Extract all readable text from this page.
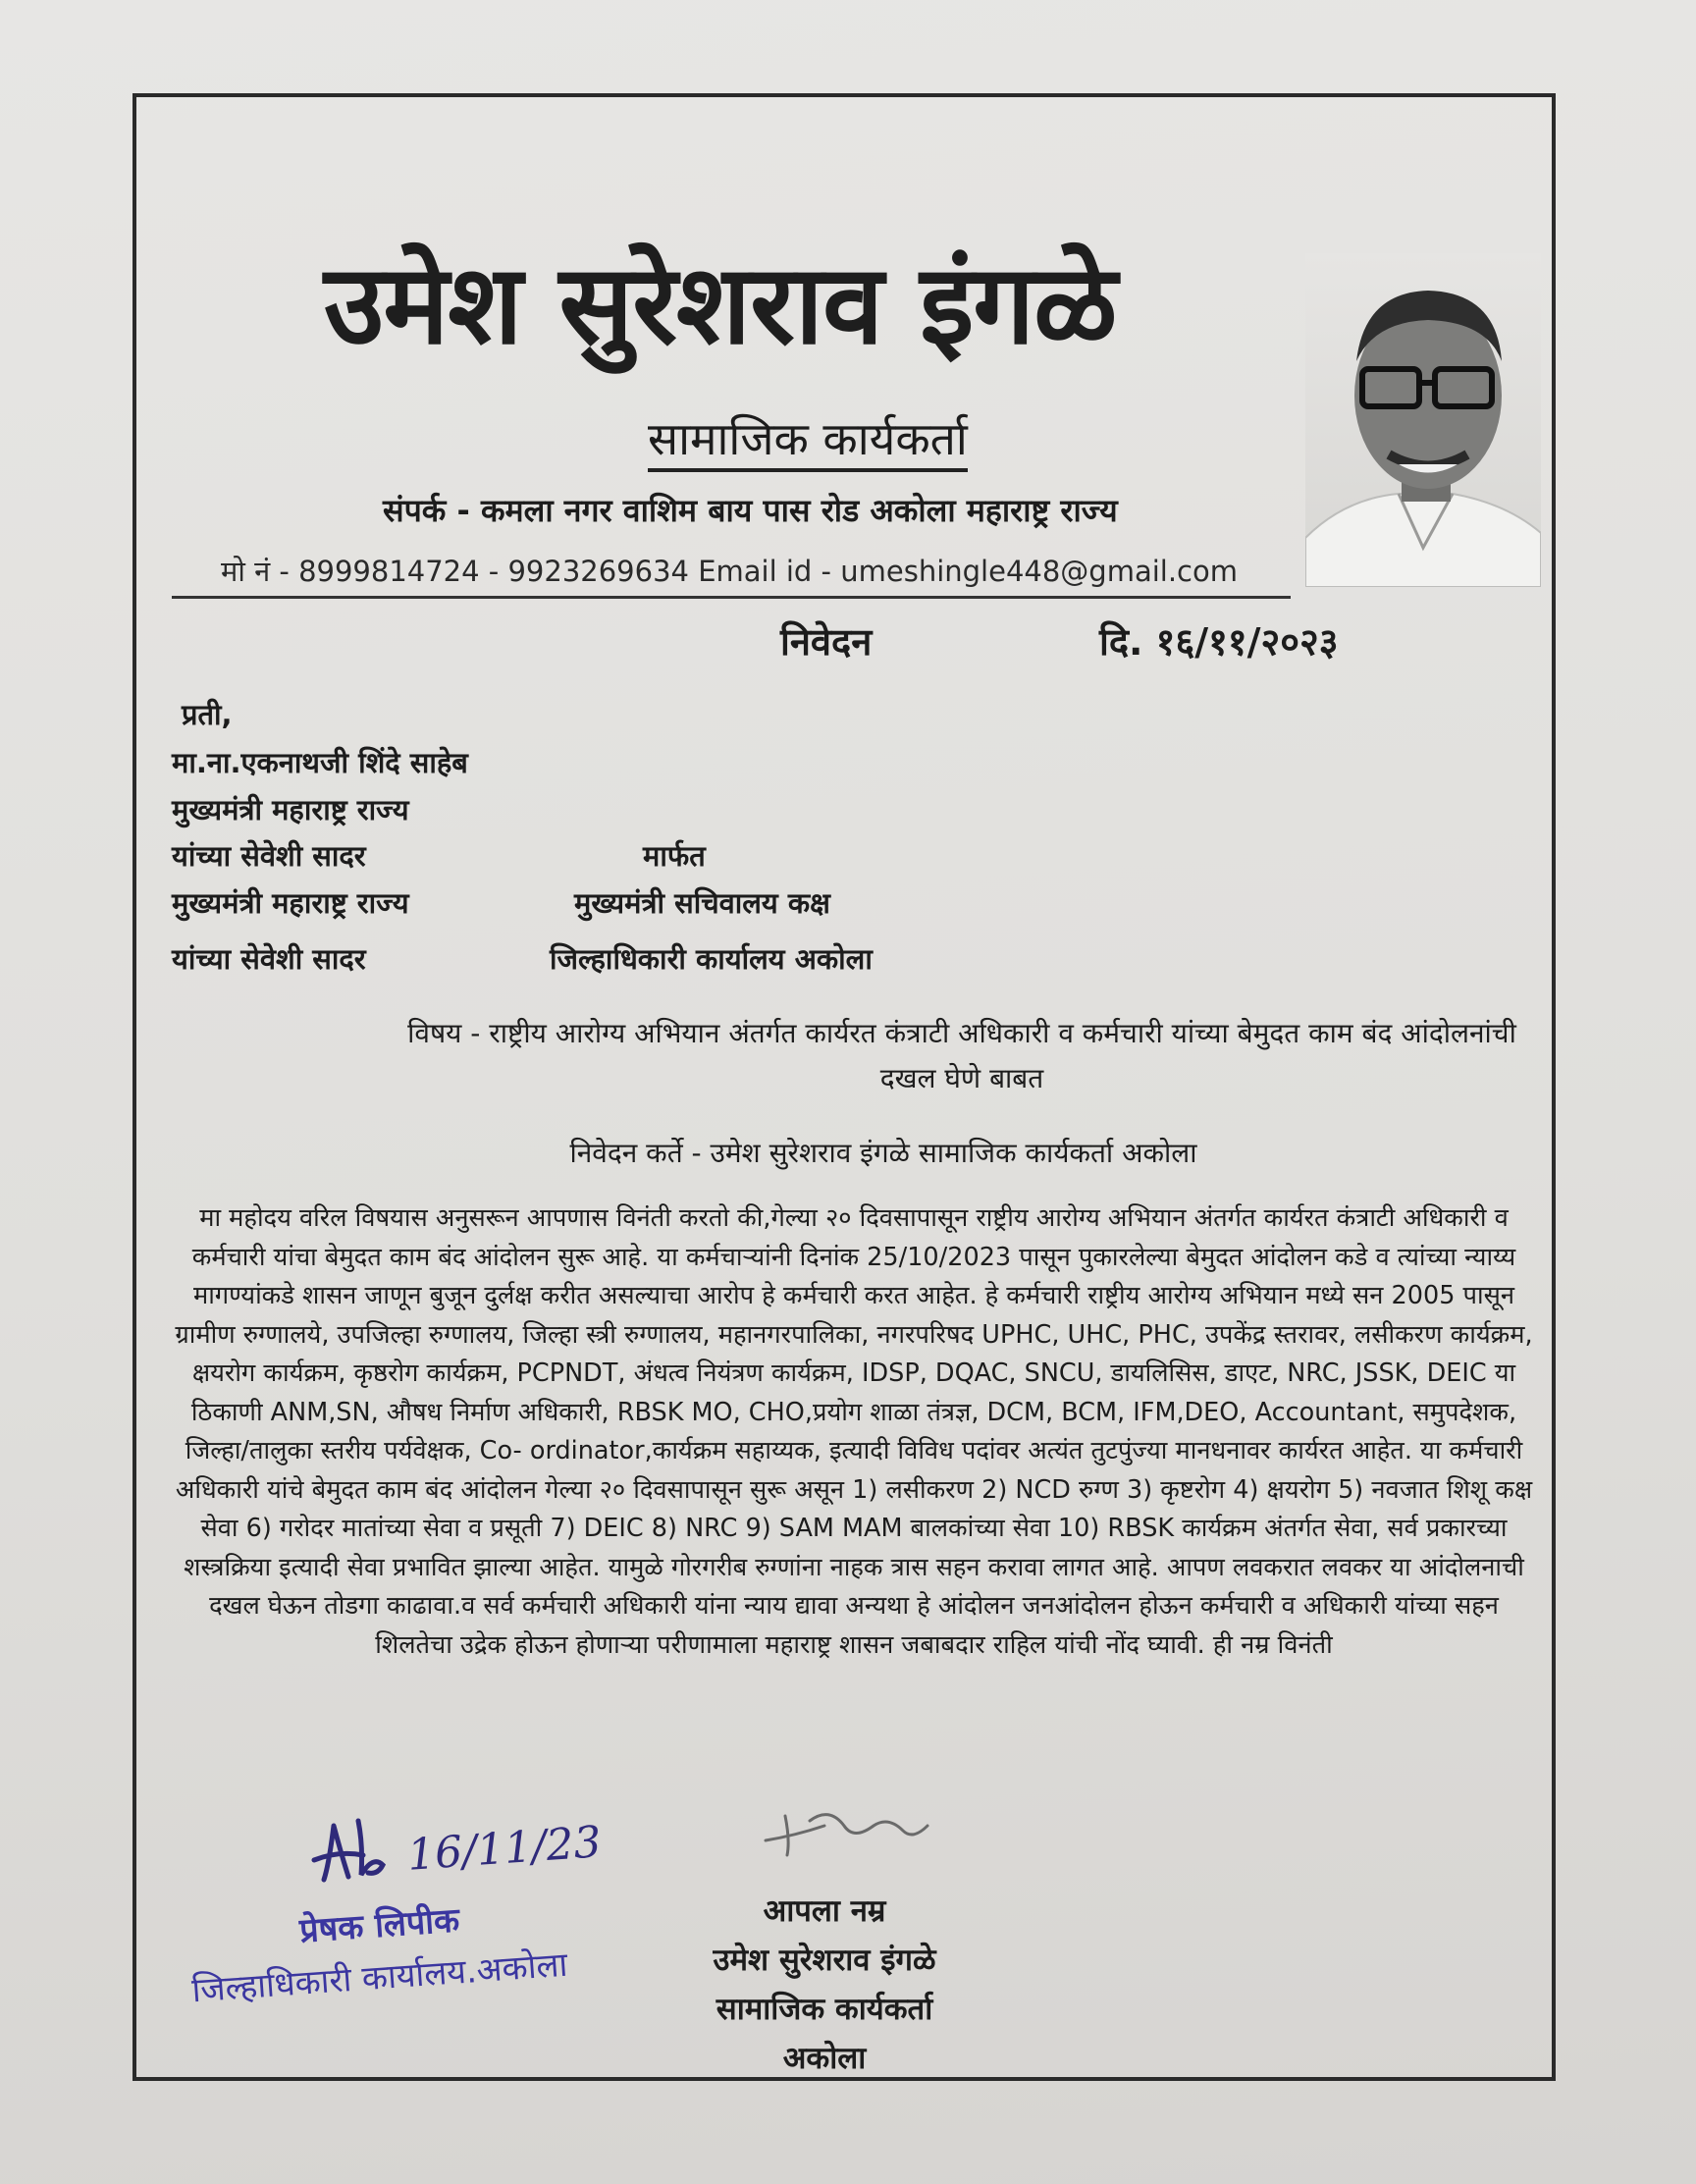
उमेश सुरेशराव इंगळे
सामाजिक कार्यकर्ता
संपर्क - कमला नगर वाशिम बाय पास रोड अकोला महाराष्ट्र राज्य
मो नं - 8999814724 - 9923269634 Email id - umeshingle448@gmail.com
निवेदन	दि. १६/११/२०२३
प्रती,
मा.ना.एकनाथजी शिंदे साहेब
मुख्यमंत्री महाराष्ट्र राज्य
यांच्या सेवेशी सादर
मुख्यमंत्री महाराष्ट्र राज्य
यांच्या सेवेशी सादर
मार्फत
मुख्यमंत्री सचिवालय कक्ष
जिल्हाधिकारी कार्यालय अकोला
विषय - राष्ट्रीय आरोग्य अभियान अंतर्गत कार्यरत कंत्राटी अधिकारी व कर्मचारी यांच्या बेमुदत काम बंद आंदोलनांची दखल घेणे बाबत
निवेदन कर्ते - उमेश सुरेशराव इंगळे सामाजिक कार्यकर्ता अकोला

मा महोदय वरिल विषयास अनुसरून आपणास विनंती करतो की,गेल्या २० दिवसापासून राष्ट्रीय आरोग्य अभियान अंतर्गत कार्यरत कंत्राटी अधिकारी व कर्मचारी यांचा बेमुदत काम बंद आंदोलन सुरू आहे. या कर्मचाऱ्यांनी दिनांक 25/10/2023 पासून पुकारलेल्या बेमुदत आंदोलन कडे व त्यांच्या न्याय्य मागण्यांकडे शासन जाणून बुजून दुर्लक्ष करीत असल्याचा आरोप हे कर्मचारी करत आहेत. हे कर्मचारी राष्ट्रीय आरोग्य अभियान मध्ये सन 2005 पासून ग्रामीण रुग्णालये, उपजिल्हा रुग्णालय, जिल्हा स्त्री रुग्णालय, महानगरपालिका, नगरपरिषद UPHC, UHC, PHC, उपकेंद्र स्तरावर, लसीकरण कार्यक्रम, क्षयरोग कार्यक्रम, कृष्ठरोग कार्यक्रम, PCPNDT, अंधत्व नियंत्रण कार्यक्रम, IDSP, DQAC, SNCU, डायलिसिस, डाएट, NRC, JSSK, DEIC या ठिकाणी ANM,SN, औषध निर्माण अधिकारी, RBSK MO, CHO,प्रयोग शाळा तंत्रज्ञ, DCM, BCM, IFM,DEO, Accountant, समुपदेशक, जिल्हा/तालुका स्तरीय पर्यवेक्षक, Co- ordinator,कार्यक्रम सहाय्यक, इत्यादी विविध पदांवर अत्यंत तुटपुंज्या मानधनावर कार्यरत आहेत. या कर्मचारी अधिकारी यांचे बेमुदत काम बंद आंदोलन गेल्या २० दिवसापासून सुरू असून 1) लसीकरण 2) NCD रुग्ण 3) कृष्टरोग 4) क्षयरोग 5) नवजात शिशू कक्ष सेवा 6) गरोदर मातांच्या सेवा व प्रसूती 7) DEIC 8) NRC 9) SAM MAM बालकांच्या सेवा 10) RBSK कार्यक्रम अंतर्गत सेवा, सर्व प्रकारच्या शस्त्रक्रिया इत्यादी सेवा प्रभावित झाल्या आहेत. यामुळे गोरगरीब रुग्णांना नाहक त्रास सहन करावा लागत आहे. आपण लवकरात लवकर या आंदोलनाची दखल घेऊन तोडगा काढावा.व सर्व कर्मचारी अधिकारी यांना न्याय द्यावा अन्यथा हे आंदोलन जनआंदोलन होऊन कर्मचारी व अधिकारी यांच्या सहन शिलतेचा उद्रेक होऊन होणाऱ्या परीणामाला महाराष्ट्र शासन जबाबदार राहिल यांची नोंद घ्यावी. ही नम्र विनंती

16/11/23
प्रेषक लिपीक
जिल्हाधिकारी कार्यालय.अकोला
आपला नम्र
उमेश सुरेशराव इंगळे
सामाजिक कार्यकर्ता
अकोला
